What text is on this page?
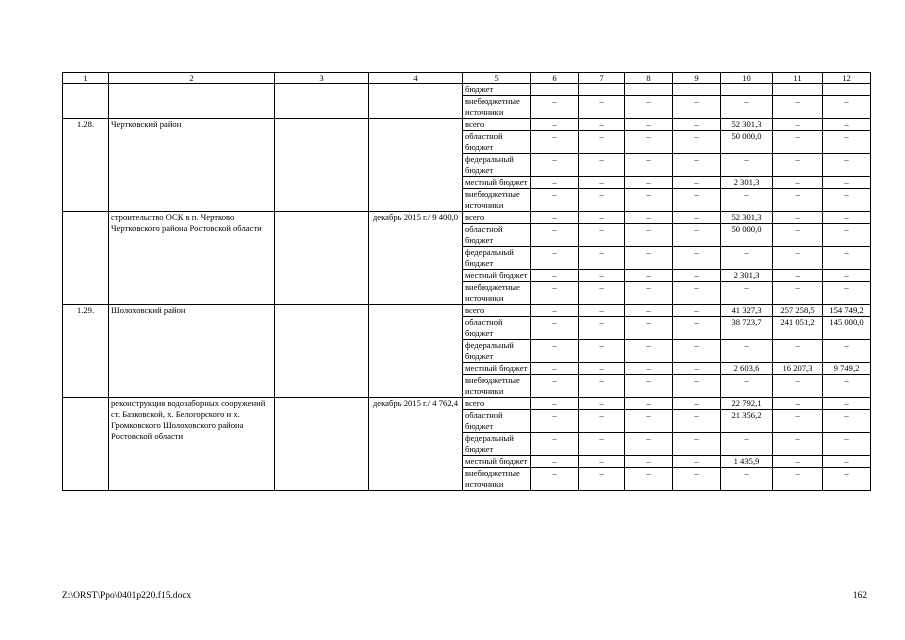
1	2	3	4	5	6	7	8	9	10	11	12
				бюджет							
				внебюджетные источники	–	–	–	–	–	–	–
1.28.	Чертковский район			всего	–	–	–	–	52 301,3	–	–
				областной бюджет	–	–	–	–	50 000,0	–	–
				федеральный бюджет	–	–	–	–	–	–	–
				местный бюджет	–	–	–	–	2 301,3	–	–
				внебюджетные источники	–	–	–	–	–	–	–
	строительство ОСК в п. Чертково Чертковского района Ростовской области		декабрь 2015 г./ 9 400,0	всего	–	–	–	–	52 301,3	–	–
				областной бюджет	–	–	–	–	50 000,0	–	–
				федеральный бюджет	–	–	–	–	–	–	–
				местный бюджет	–	–	–	–	2 301,3	–	–
				внебюджетные источники	–	–	–	–	–	–	–
1.29.	Шолоховский район			всего	–	–	–	–	41 327,3	257 258,5	154 749,2
				областной бюджет	–	–	–	–	38 723,7	241 051,2	145 000,0
				федеральный бюджет	–	–	–	–	–	–	–
				местный бюджет	–	–	–	–	2 603,6	16 207,3	9 749,2
				внебюджетные источники	–	–	–	–	–	–	–
	реконструкция водозаборных сооружений ст. Базковской, х. Белогорского и х. Громковского Шолоховского района Ростовской области		декабрь 2015 г./ 4 762,4	всего	–	–	–	–	22 792,1	–	–
				областной бюджет	–	–	–	–	21 356,2	–	–
				федеральный бюджет	–	–	–	–	–	–	–
				местный бюджет	–	–	–	–	1 435,9	–	–
				внебюджетные источники	–	–	–	–	–	–	–
Z:\ORST\Ppo\0401p220.f15.docx	162
